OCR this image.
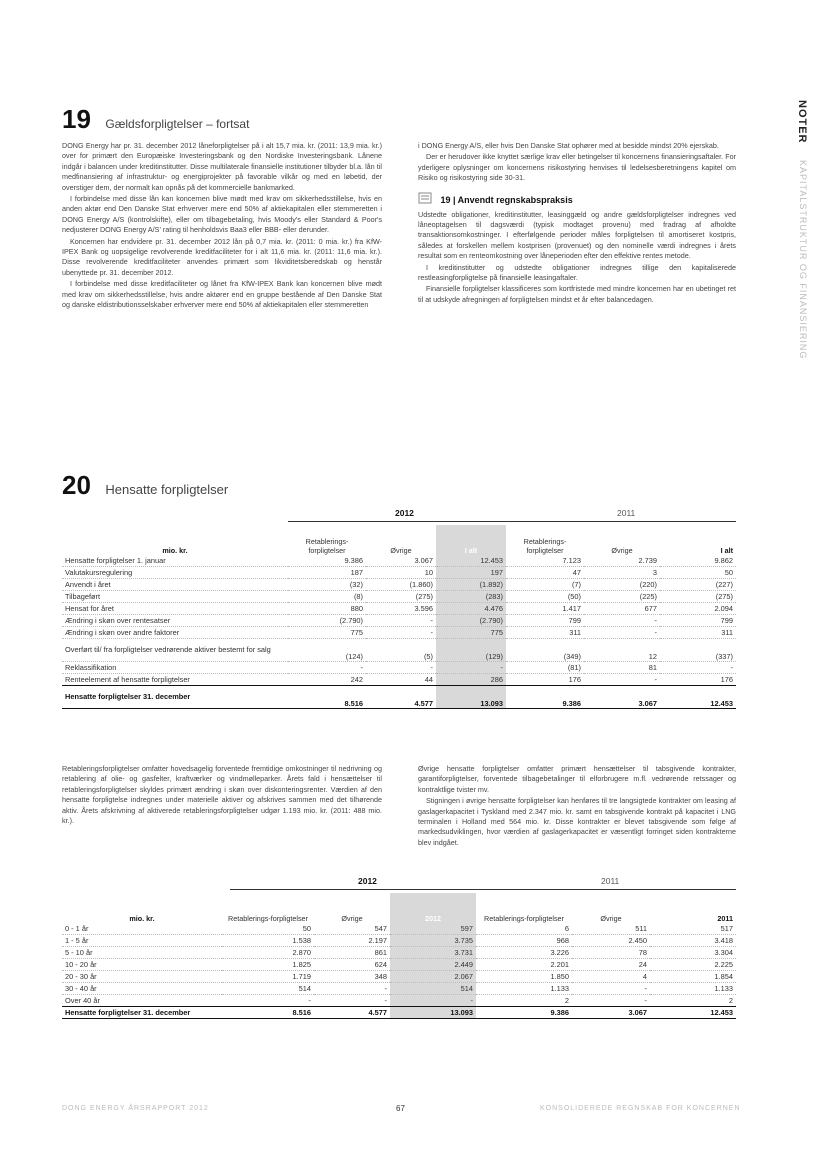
NOTER
KAPITALSTRUKTUR OG FINANSIERING
19 Gældsforpligtelser – fortsat

DONG Energy har pr. 31. december 2012 låneforpligtelser på i alt 15,7 mia. kr. (2011: 13,9 mia. kr.) over for primært den Europæiske Investeringsbank og den Nordiske Investeringsbank. Lånene indgår i balancen under kreditinstitutter. Disse multilaterale finansielle institutioner tilbyder bl.a. lån til medfinansiering af infrastruktur- og energiprojekter på favorable vilkår og med en løbetid, der overstiger dem, der normalt kan opnås på det kommercielle bankmarked.

I forbindelse med disse lån kan koncernen blive mødt med krav om sikkerhedsstillelse, hvis en anden aktør end Den Danske Stat erhverver mere end 50% af aktiekapitalen eller stemmeretten i DONG Energy A/S (kontrolskifte), eller om tilbagebetaling, hvis Moody's eller Standard & Poor's nedjusterer DONG Energy A/S' rating til henholdsvis Baa3 eller BBB- eller derunder.

Koncernen har endvidere pr. 31. december 2012 lån på 0,7 mia. kr. (2011: 0 mia. kr.) fra KfW-IPEX Bank og uopsigelige revolverende kreditfaciliteter for i alt 11,6 mia. kr. (2011: 11,6 mia. kr.). Disse revolverende kreditfaciliteter anvendes primært som likviditetsberedskab og henstår ubenyttede pr. 31. december 2012.

I forbindelse med disse kreditfaciliteter og lånet fra KfW-IPEX Bank kan koncernen blive mødt med krav om sikkerhedsstillelse, hvis andre aktører end en gruppe bestående af Den Danske Stat og danske eldistributionsselskaber erhverver mere end 50% af aktiekapitalen eller stemmeretten

i DONG Energy A/S, eller hvis Den Danske Stat ophører med at besidde mindst 20% ejerskab.

Der er herudover ikke knyttet særlige krav eller betingelser til koncernens finansieringsaftaler. For yderligere oplysninger om koncernens risikostyring henvises til ledelsesberetningens kapitel om Risiko og risikostyring side 30-31.

19 | Anvendt regnskabspraksis

Udstedte obligationer, kreditinstitutter, leasinggæld og andre gældsforpligtelser indregnes ved låneoptagelsen til dagsværdi (typisk modtaget provenu) med fradrag af afholdte transaktionsomkostninger. I efterfølgende perioder måles forpligtelsen til amortiseret kostpris, således at forskellen mellem kostprisen (provenuet) og den nominelle værdi indregnes i årets resultat som en renteomkostning over låneperioden efter den effektive rentes metode.

I kreditinstitutter og udstedte obligationer indregnes tillige den kapitaliserede restleasingforpligtelse på finansielle leasingaftaler.

Finansielle forpligtelser klassificeres som kortfristede med mindre koncernen har en ubetinget ret til at udskyde afregningen af forpligtelsen mindst et år efter balancedagen.

20 Hensatte forpligtelser
2012	2011
mio. kr.	Retablerings-forpligtelser	Øvrige	I alt	Retablerings-forpligtelser	Øvrige	I alt
Hensatte forpligtelser 1. januar	9.386	3.067	12.453	7.123	2.739	9.862
Valutakursregulering	187	10	197	47	3	50
Anvendt i året	(32)	(1.860)	(1.892)	(7)	(220)	(227)
Tilbageført	(8)	(275)	(283)	(50)	(225)	(275)
Hensat for året	880	3.596	4.476	1.417	677	2.094
Ændring i skøn over rentesatser	(2.790)	-	(2.790)	799	-	799
Ændring i skøn over andre faktorer	775	-	775	311	-	311
Overført til/ fra forpligtelser vedrørende aktiver bestemt for salg	(124)	(5)	(129)	(349)	12	(337)
Reklassifikation	-	-	-	(81)	81	-
Renteelement af hensatte forpligtelser	242	44	286	176	-	176
Hensatte forpligtelser 31. december	8.516	4.577	13.093	9.386	3.067	12.453

Retableringsforpligtelser omfatter hovedsagelig forventede fremtidige omkostninger til nedrivning og retablering af olie- og gasfelter, kraftværker og vindmølleparker. Årets fald i hensættelser til retableringsforpligtelser skyldes primært ændring i skøn over diskonteringsrenter. Værdien af den hensatte forpligtelse indregnes under materielle aktiver og afskrives sammen med det tilhørende aktiv. Årets afskrivning af aktiverede retableringsforpligtelser udgør 1.193 mio. kr. (2011: 488 mio. kr.).

Øvrige hensatte forpligtelser omfatter primært hensættelser til tabsgivende kontrakter, garantiforpligtelser, forventede tilbagebetalinger til elforbrugere m.fl. vedrørende retssager og kontraktlige tvister mv.

Stigningen i øvrige hensatte forpligtelser kan henføres til tre langsigtede kontrakter om leasing af gaslagerkapacitet i Tyskland med 2.347 mio. kr. samt en tabsgivende kontrakt på kapacitet i LNG terminalen i Holland med 564 mio. kr. Disse kontrakter er blevet tabsgivende som følge af markedsudviklingen, hvor værdien af gaslagerkapacitet er væsentligt forringet siden kontrakterne blev indgået.

2012	2011
mio. kr.	Retablerings-forpligtelser	Øvrige	2012	Retablerings-forpligtelser	Øvrige	2011
0 - 1 år	50	547	597	6	511	517
1 - 5 år	1.538	2.197	3.735	968	2.450	3.418
5 - 10 år	2.870	861	3.731	3.226	78	3.304
10 - 20 år	1.825	624	2.449	2.201	24	2.225
20 - 30 år	1.719	348	2.067	1.850	4	1.854
30 - 40 år	514	-	514	1.133	-	1.133
Over 40 år	-	-	-	2	-	2
Hensatte forpligtelser 31. december	8.516	4.577	13.093	9.386	3.067	12.453
DONG ENERGY ÅRSRAPPORT 2012	67	KONSOLIDEREDE REGNSKAB FOR KONCERNEN
